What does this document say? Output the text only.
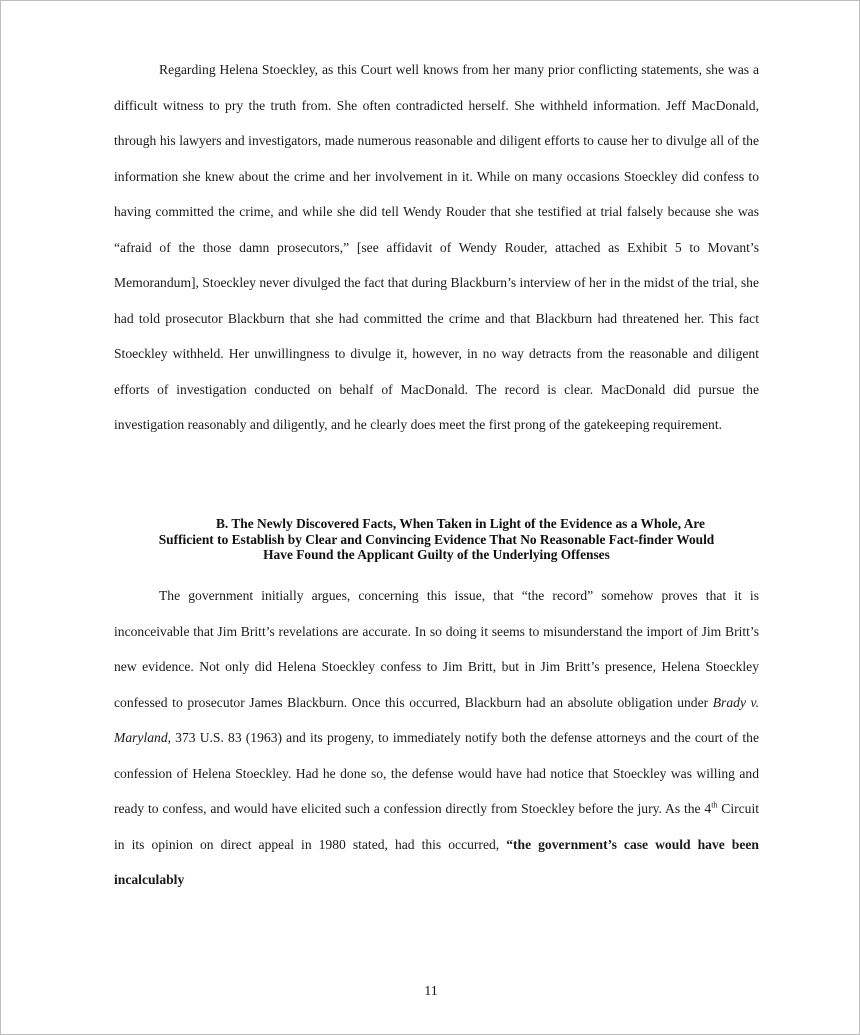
Regarding Helena Stoeckley, as this Court well knows from her many prior conflicting statements, she was a difficult witness to pry the truth from. She often contradicted herself. She withheld information. Jeff MacDonald, through his lawyers and investigators, made numerous reasonable and diligent efforts to cause her to divulge all of the information she knew about the crime and her involvement in it. While on many occasions Stoeckley did confess to having committed the crime, and while she did tell Wendy Rouder that she testified at trial falsely because she was “afraid of the those damn prosecutors,” [see affidavit of Wendy Rouder, attached as Exhibit 5 to Movant’s Memorandum], Stoeckley never divulged the fact that during Blackburn’s interview of her in the midst of the trial, she had told prosecutor Blackburn that she had committed the crime and that Blackburn had threatened her. This fact Stoeckley withheld. Her unwillingness to divulge it, however, in no way detracts from the reasonable and diligent efforts of investigation conducted on behalf of MacDonald. The record is clear. MacDonald did pursue the investigation reasonably and diligently, and he clearly does meet the first prong of the gatekeeping requirement.

B. The Newly Discovered Facts, When Taken in Light of the Evidence as a Whole, Are
Sufficient to Establish by Clear and Convincing Evidence That No Reasonable Fact-finder Would
Have Found the Applicant Guilty of the Underlying Offenses

The government initially argues, concerning this issue, that “the record” somehow proves that it is inconceivable that Jim Britt’s revelations are accurate. In so doing it seems to misunderstand the import of Jim Britt’s new evidence. Not only did Helena Stoeckley confess to Jim Britt, but in Jim Britt’s presence, Helena Stoeckley confessed to prosecutor James Blackburn. Once this occurred, Blackburn had an absolute obligation under Brady v. Maryland, 373 U.S. 83 (1963) and its progeny, to immediately notify both the defense attorneys and the court of the confession of Helena Stoeckley. Had he done so, the defense would have had notice that Stoeckley was willing and ready to confess, and would have elicited such a confession directly from Stoeckley before the jury. As the 4th Circuit in its opinion on direct appeal in 1980 stated, had this occurred, “the government’s case would have been incalculably

11
